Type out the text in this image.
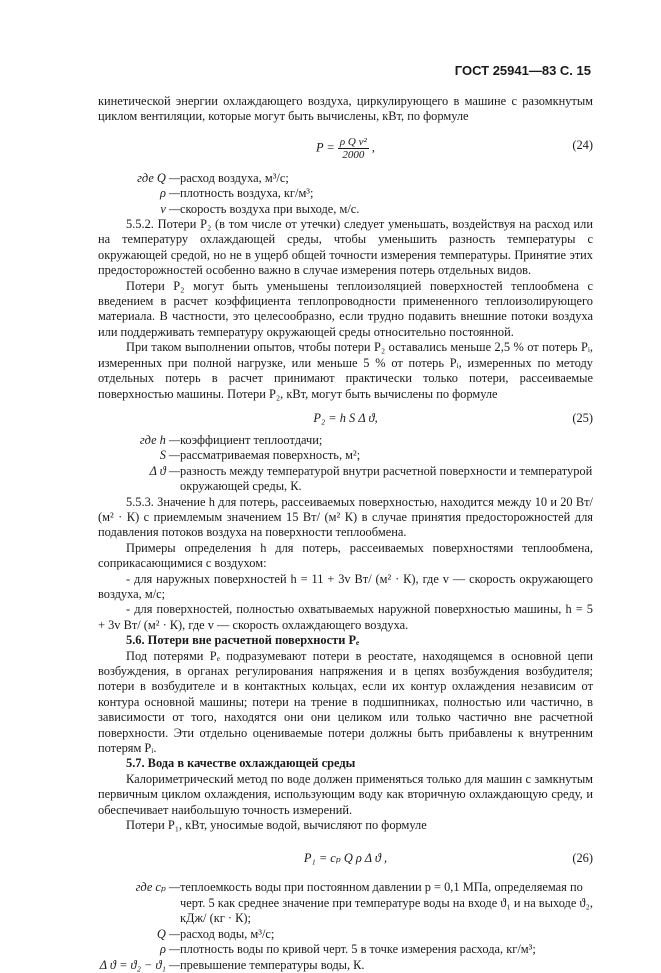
ГОСТ 25941—83 С. 15

кинетической энергии охлаждающего воздуха, циркулирующего в машине с разомкнутым циклом вентиляции, которые могут быть вычислены, кВт, по формуле

$P = \frac{\text{ρ Q v²}}{2000}$ ,	(24)
где Q — расход воздуха, м³/с;
ρ — плотность воздуха, кг/м³;
v — скорость воздуха при выходе, м/с.

5.5.2. Потери P₂ (в том числе от утечки) следует уменьшать, воздействуя на расход или на температуру охлаждающей среды, чтобы уменьшить разность температуры с окружающей средой, но не в ущерб общей точности измерения температуры. Принятие этих предосторожностей особенно важно в случае измерения потерь отдельных видов.

Потери P₂ могут быть уменьшены теплоизоляцией поверхностей теплообмена с введением в расчет коэффициента теплопроводности примененного теплоизолирующего материала. В частности, это целесообразно, если трудно подавить внешние потоки воздуха или поддерживать температуру окружающей среды относительно постоянной.

При таком выполнении опытов, чтобы потери P₂ оставались меньше 2,5 % от потерь Pᵢ, измеренных при полной нагрузке, или меньше 5 % от потерь Pᵢ, измеренных по методу отдельных потерь в расчет принимают практически только потери, рассеиваемые поверхностью машины. Потери P₂, кВт, могут быть вычислены по формуле

P₂ = h S Δ ϑ,	(25)
где h — коэффициент теплоотдачи;
S — рассматриваемая поверхность, м²;
Δ ϑ — разность между температурой внутри расчетной поверхности и температурой окружающей среды, К.

5.5.3. Значение h для потерь, рассеиваемых поверхностью, находится между 10 и 20 Вт/ (м² · К) с приемлемым значением 15 Вт/ (м² К) в случае принятия предосторожностей для подавления потоков воздуха на поверхности теплообмена.

Примеры определения h для потерь, рассеиваемых поверхностями теплообмена, соприкасающимися с воздухом:

- для наружных поверхностей h = 11 + 3v Вт/ (м² · К), где v — скорость окружающего воздуха, м/с;

- для поверхностей, полностью охватываемых наружной поверхностью машины, h = 5 + 3v Вт/ (м² · К), где v — скорость охлаждающего воздуха.

5.6. Потери вне расчетной поверхности Pₑ

Под потерями Pₑ подразумевают потери в реостате, находящемся в основной цепи возбуждения, в органах регулирования напряжения и в цепях возбуждения возбудителя; потери в возбудителе и в контактных кольцах, если их контур охлаждения независим от контура основной машины; потери на трение в подшипниках, полностью или частично, в зависимости от того, находятся они они целиком или только частично вне расчетной поверхности. Эти отдельно оцениваемые потери должны быть прибавлены к внутренним потерям Pᵢ.

5.7. Вода в качестве охлаждающей среды

Калориметрический метод по воде должен применяться только для машин с замкнутым первичным циклом охлаждения, использующим воду как вторичную охлаждающую среду, и обеспечивает наибольшую точность измерений.

Потери P₁, кВт, уносимые водой, вычисляют по формуле

P₁ = cₚ Q ρ Δ ϑ ,	(26)
где cₚ — теплоемкость воды при постоянном давлении p = 0,1 МПа, определяемая по черт. 5 как среднее значение при температуре воды на входе ϑ₁ и на выходе ϑ₂, кДж/ (кг · К);
Q — расход воды, м³/с;
ρ — плотность воды по кривой черт. 5 в точке измерения расхода, кг/м³;
Δ ϑ = ϑ₂ − ϑ₁ — превышение температуры воды, К.
